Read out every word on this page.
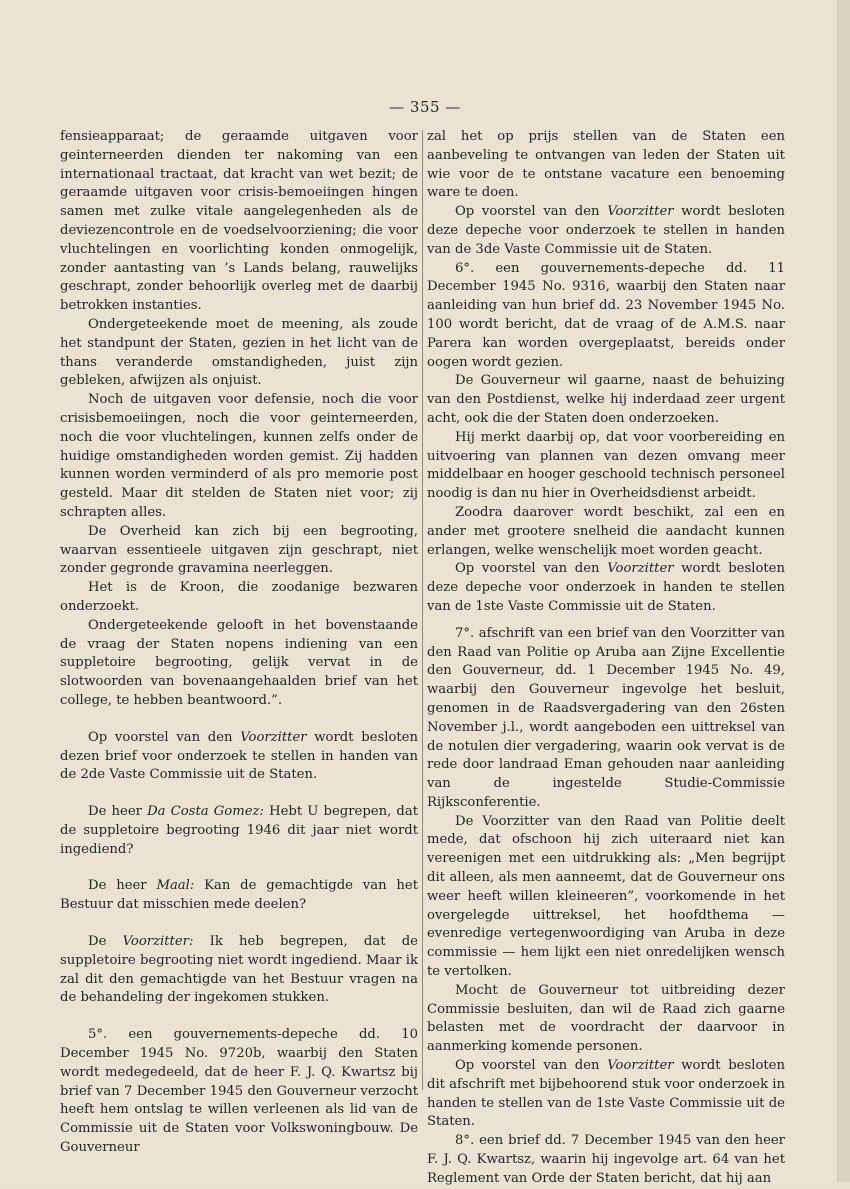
— 355 —

fensieapparaat; de geraamde uitgaven voor geinterneerden dienden ter nakoming van een internationaal tractaat, dat kracht van wet bezit; de geraamde uitgaven voor crisis-bemoeiingen hingen samen met zulke vitale aangelegenheden als de deviezencontrole en de voedselvoorziening; die voor vluchtelingen en voorlichting konden onmogelijk, zonder aantasting van ’s Lands belang, rauwelijks geschrapt, zonder behoorlijk overleg met de daarbij betrokken instanties.

Ondergeteekende moet de meening, als zoude het standpunt der Staten, gezien in het licht van de thans veranderde omstandigheden, juist zijn gebleken, afwijzen als onjuist.

Noch de uitgaven voor defensie, noch die voor crisisbemoeiingen, noch die voor geinterneerden, noch die voor vluchtelingen, kunnen zelfs onder de huidige omstandigheden worden gemist. Zij hadden kunnen worden verminderd of als pro memorie post gesteld. Maar dit stelden de Staten niet voor; zij schrapten alles.

De Overheid kan zich bij een begrooting, waarvan essentieele uitgaven zijn geschrapt, niet zonder gegronde gravamina neerleggen.

Het is de Kroon, die zoodanige bezwaren onderzoekt.

Ondergeteekende gelooft in het bovenstaande de vraag der Staten nopens indiening van een suppletoire begrooting, gelijk vervat in de slotwoorden van bovenaangehaalden brief van het college, te hebben beantwoord.”.

Op voorstel van den Voorzitter wordt besloten dezen brief voor onderzoek te stellen in handen van de 2de Vaste Commissie uit de Staten.

De heer Da Costa Gomez: Hebt U begrepen, dat de suppletoire begrooting 1946 dit jaar niet wordt ingediend?

De heer Maal: Kan de gemachtigde van het Bestuur dat misschien mede deelen?

De Voorzitter: Ik heb begrepen, dat de suppletoire begrooting niet wordt ingediend. Maar ik zal dit den gemachtigde van het Bestuur vragen na de behandeling der ingekomen stukken.

5°. een gouvernements-depeche dd. 10 December 1945 No. 9720b, waarbij den Staten wordt medegedeeld, dat de heer F. J. Q. Kwartsz bij brief van 7 December 1945 den Gouverneur verzocht heeft hem ontslag te willen verleenen als lid van de Commissie uit de Staten voor Volkswoningbouw. De Gouverneur

zal het op prijs stellen van de Staten een aanbeveling te ontvangen van leden der Staten uit wie voor de te ontstane vacature een benoeming ware te doen.

Op voorstel van den Voorzitter wordt besloten deze depeche voor onderzoek te stellen in handen van de 3de Vaste Commissie uit de Staten.

6°. een gouvernements-depeche dd. 11 December 1945 No. 9316, waarbij den Staten naar aanleiding van hun brief dd. 23 November 1945 No. 100 wordt bericht, dat de vraag of de A.M.S. naar Parera kan worden overgeplaatst, bereids onder oogen wordt gezien.

De Gouverneur wil gaarne, naast de behuizing van den Postdienst, welke hij inderdaad zeer urgent acht, ook die der Staten doen onderzoeken.

Hij merkt daarbij op, dat voor voorbereiding en uitvoering van plannen van dezen omvang meer middelbaar en hooger geschoold technisch personeel noodig is dan nu hier in Overheidsdienst arbeidt.

Zoodra daarover wordt beschikt, zal een en ander met grootere snelheid die aandacht kunnen erlangen, welke wenschelijk moet worden geacht.

Op voorstel van den Voorzitter wordt besloten deze depeche voor onderzoek in handen te stellen van de 1ste Vaste Commissie uit de Staten.

7°. afschrift van een brief van den Voorzitter van den Raad van Politie op Aruba aan Zijne Excellentie den Gouverneur, dd. 1 December 1945 No. 49, waarbij den Gouverneur ingevolge het besluit, genomen in de Raadsvergadering van den 26sten November j.l., wordt aangeboden een uittreksel van de notulen dier vergadering, waarin ook vervat is de rede door landraad Eman gehouden naar aanleiding van de ingestelde Studie-Commissie Rijksconferentie.

De Voorzitter van den Raad van Politie deelt mede, dat ofschoon hij zich uiteraard niet kan vereenigen met een uitdrukking als: „Men begrijpt dit alleen, als men aanneemt, dat de Gouverneur ons weer heeft willen kleineeren”, voorkomende in het overgelegde uittreksel, het hoofdthema — evenredige vertegenwoordiging van Aruba in deze commissie — hem lijkt een niet onredelijken wensch te vertolken.

Mocht de Gouverneur tot uitbreiding dezer Commissie besluiten, dan wil de Raad zich gaarne belasten met de voordracht der daarvoor in aanmerking komende personen.

Op voorstel van den Voorzitter wordt besloten dit afschrift met bijbehoorend stuk voor onderzoek in handen te stellen van de 1ste Vaste Commissie uit de Staten.

8°. een brief dd. 7 December 1945 van den heer F. J. Q. Kwartsz, waarin hij ingevolge art. 64 van het Reglement van Orde der Staten bericht, dat hij aan
